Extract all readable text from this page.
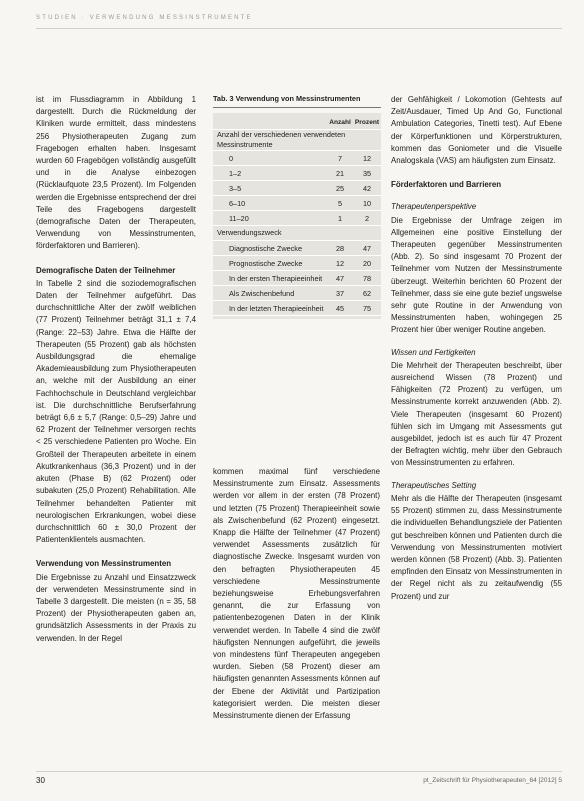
STUDIEN · VERWENDUNG MESSINSTRUMENTE

ist im Flussdiagramm in Abbildung 1 dargestellt. Durch die Rückmeldung der Kliniken wurde ermittelt, dass mindestens 256 Physiotherapeuten Zugang zum Fragebogen erhalten haben. Insgesamt wurden 60 Fragebögen vollständig ausgefüllt und in die Analyse einbezogen (Rücklaufquote 23,5 Prozent). Im Folgenden werden die Ergebnisse entsprechend der drei Teile des Fragebogens dargestellt (demografische Daten der Therapeuten, Verwendung von Messinstrumenten, förderfaktoren und Barrieren).

Demografische Daten der Teilnehmer

In Tabelle 2 sind die soziodemografischen Daten der Teilnehmer aufgeführt. Das durchschnittliche Alter der zwölf weiblichen (77 Prozent) Teilnehmer beträgt 31,1 ± 7,4 (Range: 22–53) Jahre. Etwa die Hälfte der Therapeuten (55 Prozent) gab als höchsten Ausbildungsgrad die ehemalige Akademieausbildung zum Physiotherapeuten an, welche mit der Ausbildung an einer Fachhochschule in Deutschland vergleichbar ist. Die durchschnittliche Berufserfahrung beträgt 6,6 ± 5,7 (Range: 0,5–29) Jahre und 62 Prozent der Teilnehmer versorgen rechts < 25 verschiedene Patienten pro Woche. Ein Großteil der Therapeuten arbeitete in einem Akutkrankenhaus (36,3 Prozent) und in der akuten (Phase B) (62 Prozent) oder subakuten (25,0 Prozent) Rehabilitation. Alle Teilnehmer behandelten Patienter mit neurologischen Erkrankungen, wobei diese durchschnittlich 60 ± 30,0 Prozent der Patientenklientels ausmachten.

Verwendung von Messinstrumenten

Die Ergebnisse zu Anzahl und Einsatzzweck der verwendeten Messinstrumente sind in Tabelle 3 dargestellt. Die meisten (n = 35, 58 Prozent) der Physiotherapeuten gaben an, grundsätzlich Assessments in der Praxis zu verwenden. In der Regel

Tab. 3 Verwendung von Messinstrumenten
Anzahl Prozent
Anzahl der verschiedenen verwendeten Messinstrumente
0	7	12
1–2	21	35
3–5	25	42
6–10	5	10
11–20	1	2
Verwendungszweck
Diagnostische Zwecke	28	47
Prognostische Zwecke	12	20
In der ersten Therapieeinheit	47	78
Als Zwischenbefund	37	62
In der letzten Therapieeinheit	45	75

kommen maximal fünf verschiedene Messinstrumente zum Einsatz. Assessments werden vor allem in der ersten (78 Prozent) und letzten (75 Prozent) Therapieeinheit sowie als Zwischenbefund (62 Prozent) eingesetzt. Knapp die Hälfte der Teilnehmer (47 Prozent) verwendet Assessments zusätzlich für diagnostische Zwecke. Insgesamt wurden von den befragten Physiotherapeuten 45 verschiedene Messinstrumente beziehungsweise Erhebungsverfahren genannt, die zur Erfassung von patientenbezogenen Daten in der Klinik verwendet werden. In Tabelle 4 sind die zwölf häufigsten Nennungen aufgeführt, die jeweils von mindestens fünf Therapeuten angegeben wurden. Sieben (58 Prozent) dieser am häufigsten genannten Assessments können auf der Ebene der Aktivität und Partizipation kategorisiert werden. Die meisten dieser Messinstrumente dienen der Erfassung

der Gehfähigkeit / Lokomotion (Gehtests auf Zeit/Ausdauer, Timed Up And Go, Functional Ambulation Categories, Tinetti test). Auf Ebene der Körperfunktionen und Körperstrukturen, kommen das Goniometer und die Visuelle Analogskala (VAS) am häufigsten zum Einsatz.

Förderfaktoren und Barrieren
Therapeutenperspektive

Die Ergebnisse der Umfrage zeigen im Allgemeinen eine positive Einstellung der Therapeuten gegenüber Messinstrumenten (Abb. 2). So sind insgesamt 70 Prozent der Teilnehmer vom Nutzen der Messinstrumente überzeugt. Weiterhin berichten 60 Prozent der Teilnehmer, dass sie eine gute bezief ungswelse sehr gute Routine in der Anwendung von Messinstrumenten haben, wohingegen 25 Prozent hier über weniger Routine angeben.

Wissen und Fertigkeiten

Die Mehrheit der Therapeuten beschreibt, über ausreichend Wissen (78 Prozent) und Fähigkeiten (72 Prozent) zu verfügen, um Messinstrumente korrekt anzuwenden (Abb. 2). Viele Therapeuten (insgesamt 60 Prozent) fühlen sich im Umgang mit Assessments gut ausgebildet, jedoch ist es auch für 47 Prozent der Befragten wichtig, mehr über den Gebrauch von Messinstrumenten zu erfahren.

Therapeutisches Setting

Mehr als die Hälfte der Therapeuten (insgesamt 55 Prozent) stimmen zu, dass Messinstrumente die individuellen Behandlungsziele der Patienten gut beschreiben können und Patienten durch die Verwendung von Messinstrumenten motiviert werden können (58 Prozent) (Abb. 3). Patienten empfinden den Einsatz von Messinstrumenten in der Regel nicht als zu zeitaufwendig (55 Prozent) und zur

30	pt_Zeitschrift für Physiotherapeuten_64 [2012] 5
